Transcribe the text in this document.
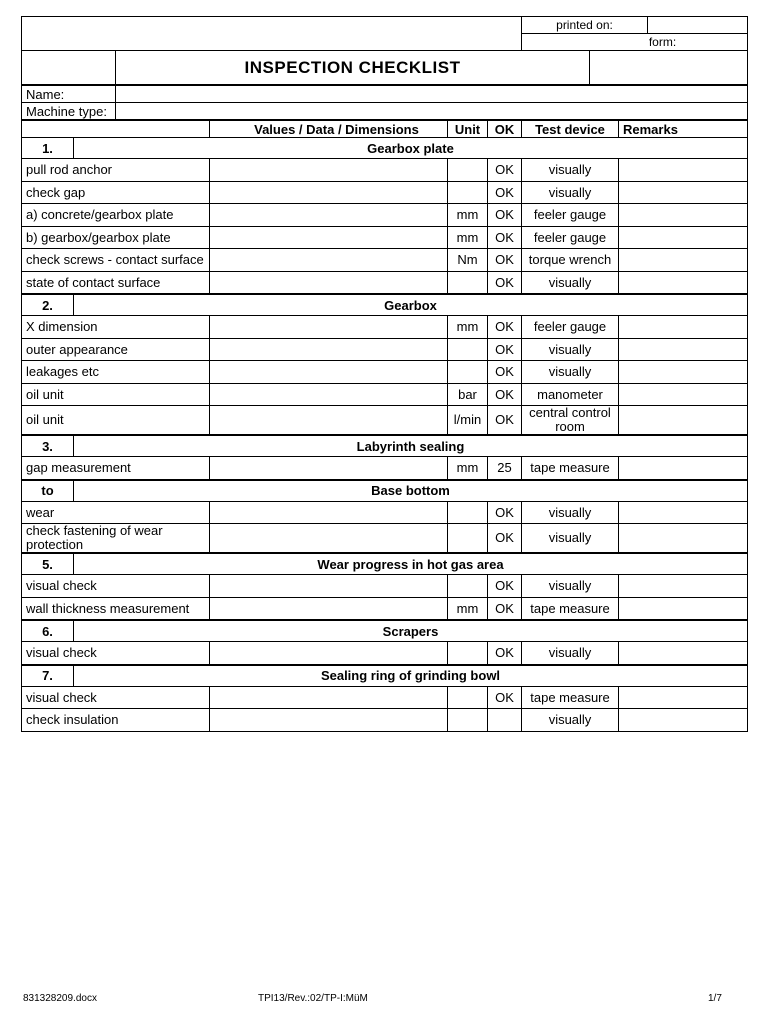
		printed on:		
		form:		
	INSPECTION CHECKLIST			
Name:	
Machine type:	
		Values / Data / Dimensions	Unit	OK	Test device	Remarks
1.	Gearbox plate					
pull rod anchor				OK	visually	
check gap				OK	visually	
a) concrete/gearbox plate			mm	OK	feeler gauge	
b) gearbox/gearbox plate			mm	OK	feeler gauge	
check screws - contact surface			Nm	OK	torque wrench	
state of contact surface				OK	visually	
2.	Gearbox					
X dimension			mm	OK	feeler gauge	
outer appearance				OK	visually	
leakages etc				OK	visually	
oil unit			bar	OK	manometer	
oil unit			l/min	OK	central control room	
3.	Labyrinth sealing					
gap measurement			mm	25	tape measure	
to	Base bottom					
wear				OK	visually	
check fastening of wear protection				OK	visually	
5.	Wear progress in hot gas area					
visual check				OK	visually	
wall thickness measurement			mm	OK	tape measure	
6.	Scrapers					
visual check				OK	visually	
7.	Sealing ring of grinding bowl					
visual check				OK	tape measure	
check insulation					visually	
831328209.docx	TPI13/Rev.:02/TP-I:MüM	1/7
